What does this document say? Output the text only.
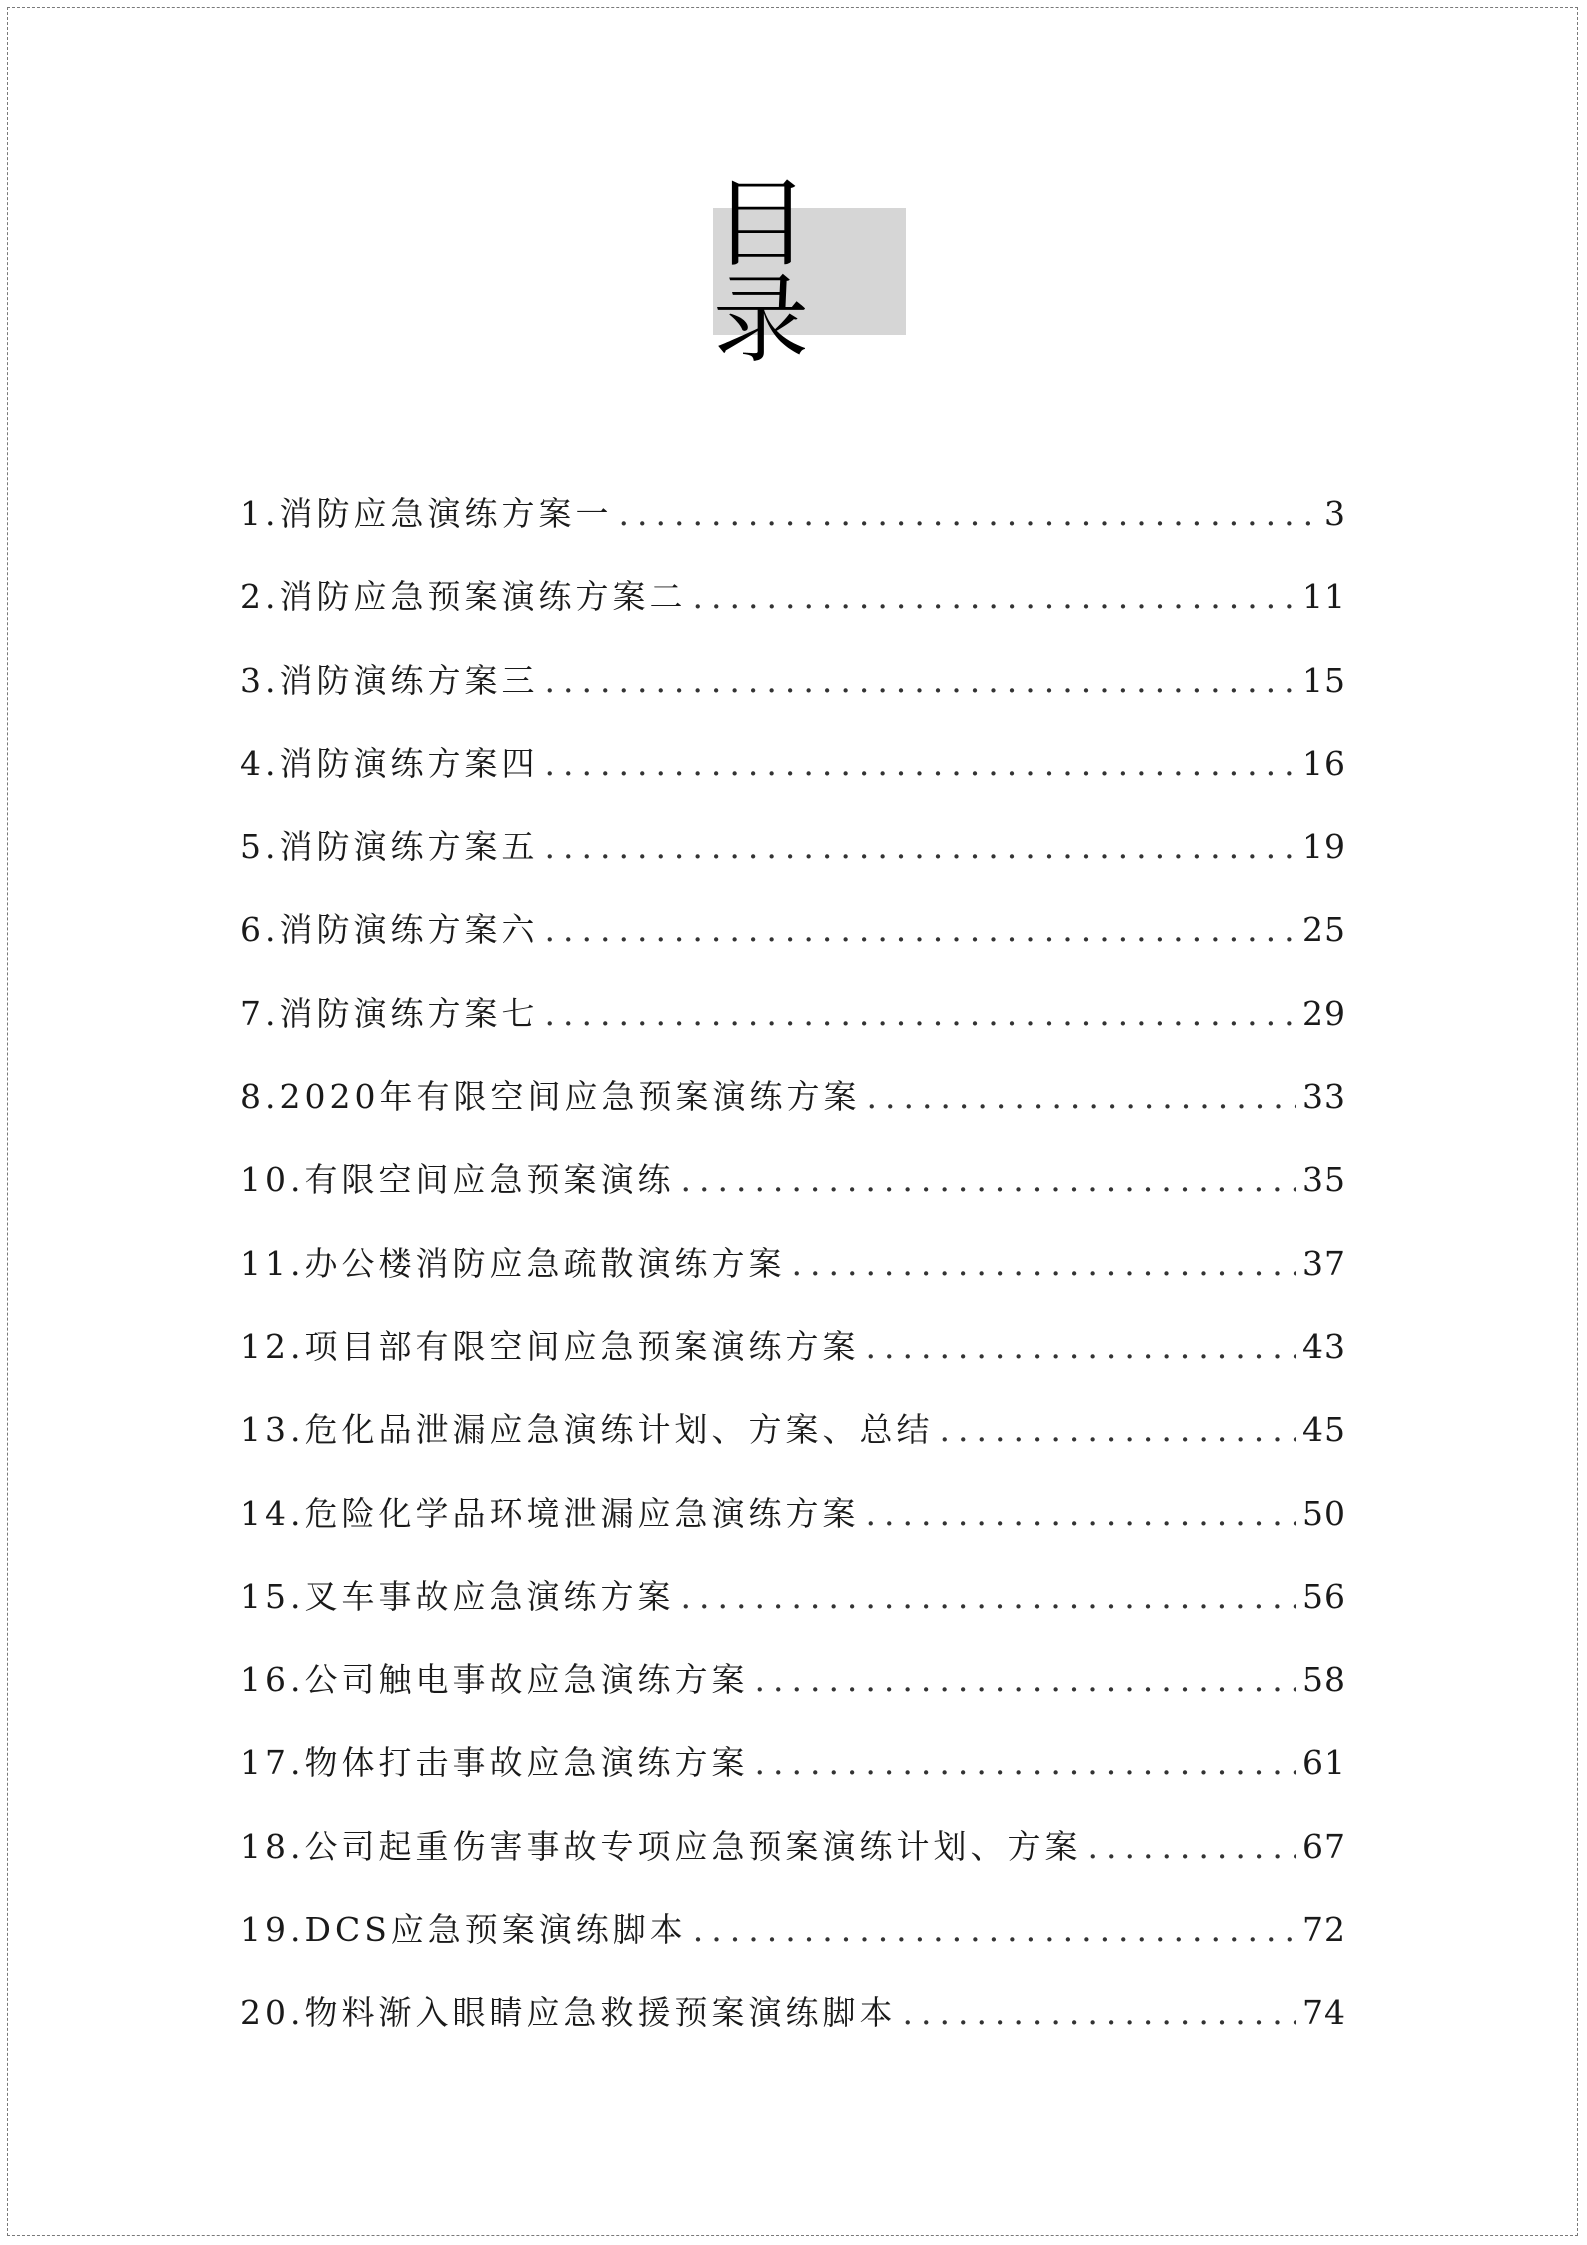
目录
1.消防应急演练方案一 .....	3
2.消防应急预案演练方案二 .....	11
3.消防演练方案三 .....	15
4.消防演练方案四 .....	16
5.消防演练方案五 .....	19
6.消防演练方案六 .....	25
7.消防演练方案七 .....	29
8.2020年有限空间应急预案演练方案 .....	33
10.有限空间应急预案演练 .....	35
11.办公楼消防应急疏散演练方案 .....	37
12.项目部有限空间应急预案演练方案 .....	43
13.危化品泄漏应急演练计划、方案、总结 .....	45
14.危险化学品环境泄漏应急演练方案 .....	50
15.叉车事故应急演练方案 .....	56
16.公司触电事故应急演练方案 .....	58
17.物体打击事故应急演练方案 .....	61
18.公司起重伤害事故专项应急预案演练计划、方案 .....	67
19.DCS应急预案演练脚本 .....	72
20.物料渐入眼睛应急救援预案演练脚本 .....	74
